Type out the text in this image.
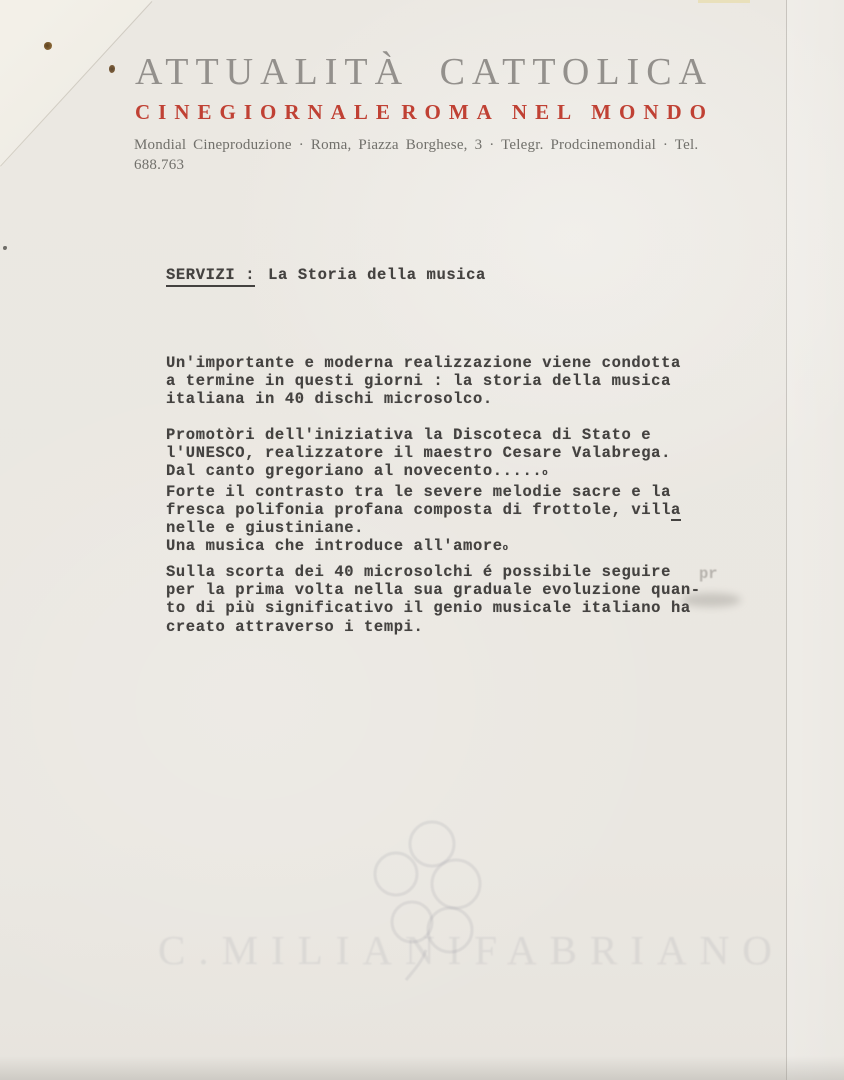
C.MILIANI FABRIANO
ATTUALITÀ CATTOLICA
CINEGIORNALE ROMA NEL MONDO
Mondial Cineproduzione · Roma, Piazza Borghese, 3 · Telegr. Prodcinemondial · Tel. 688.763
SERVIZI : La Storia della musica
Un'importante e moderna realizzazione viene condotta
a termine in questi giorni : la storia della musica
italiana in 40 dischi microsolco.
Promotòri dell'iniziativa la Discoteca di Stato e
l'UNESCO, realizzatore il maestro Cesare Valabrega.
Dal canto gregoriano al novecento.....o
Forte il contrasto tra le severe melodie sacre e la
fresca polifonia profana composta di frottole, villa
nelle e giustiniane.
Una musica che introduce all'amoreo
Sulla scorta dei 40 microsolchi é possibile seguire
per la prima volta nella sua graduale evoluzione quan-
to di più significativo il genio musicale italiano ha
creato attraverso i tempi.
pr
